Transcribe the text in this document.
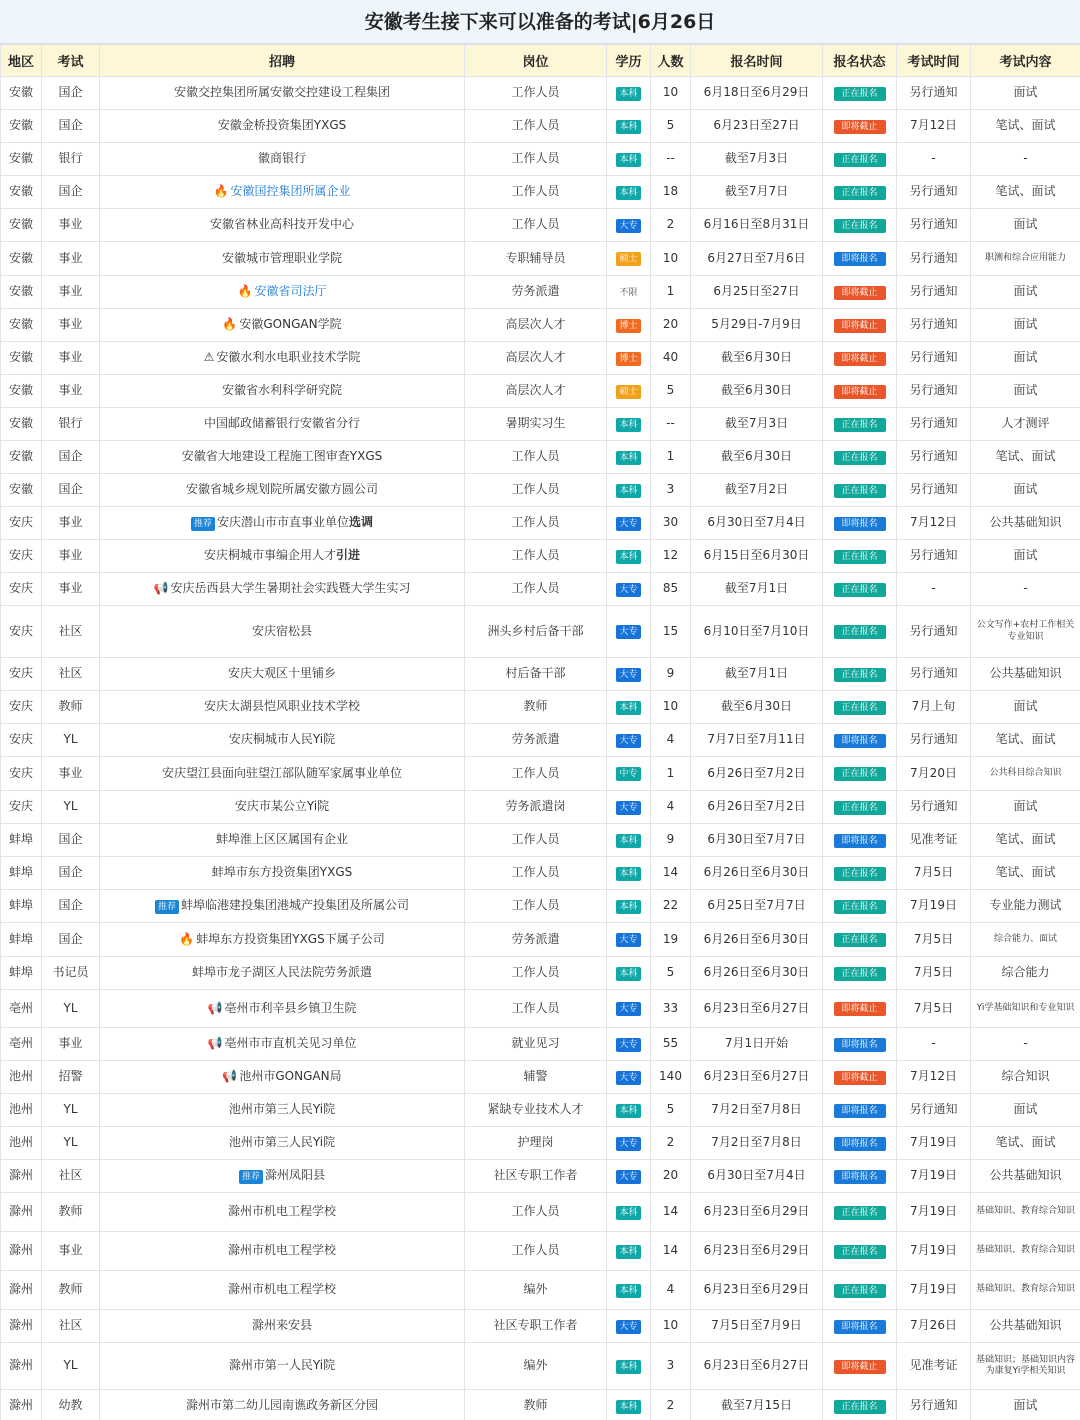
安徽考生接下来可以准备的考试|6月26日
地区	考试	招聘	岗位	学历	人数	报名时间	报名状态	考试时间	考试内容
安徽	国企	安徽交控集团所属安徽交控建设工程集团	工作人员	本科	10	6月18日至6月29日	正在报名	另行通知	面试
安徽	国企	安徽金桥投资集团YXGS	工作人员	本科	5	6月23日至27日	即将截止	7月12日	笔试、面试
安徽	银行	徽商银行	工作人员	本科	--	截至7月3日	正在报名	-	-
安徽	国企	🔥 安徽国控集团所属企业	工作人员	本科	18	截至7月7日	正在报名	另行通知	笔试、面试
安徽	事业	安徽省林业高科技开发中心	工作人员	大专	2	6月16日至8月31日	正在报名	另行通知	面试
安徽	事业	安徽城市管理职业学院	专职辅导员	硕士	10	6月27日至7月6日	即将报名	另行通知	职测和综合应用能力
安徽	事业	🔥 安徽省司法厅	劳务派遣	不限	1	6月25日至27日	即将截止	另行通知	面试
安徽	事业	🔥 安徽GONGAN学院	高层次人才	博士	20	5月29日-7月9日	即将截止	另行通知	面试
安徽	事业	⚠ 安徽水利水电职业技术学院	高层次人才	博士	40	截至6月30日	即将截止	另行通知	面试
安徽	事业	安徽省水利科学研究院	高层次人才	硕士	5	截至6月30日	即将截止	另行通知	面试
安徽	银行	中国邮政储蓄银行安徽省分行	暑期实习生	本科	--	截至7月3日	正在报名	另行通知	人才测评
安徽	国企	安徽省大地建设工程施工图审查YXGS	工作人员	本科	1	截至6月30日	正在报名	另行通知	笔试、面试
安徽	国企	安徽省城乡规划院所属安徽方圆公司	工作人员	本科	3	截至7月2日	正在报名	另行通知	面试
安庆	事业	推荐 安庆潜山市市直事业单位选调	工作人员	大专	30	6月30日至7月4日	即将报名	7月12日	公共基础知识
安庆	事业	安庆桐城市事编企用人才引进	工作人员	本科	12	6月15日至6月30日	正在报名	另行通知	面试
安庆	事业	📢 安庆岳西县大学生暑期社会实践暨大学生实习	工作人员	大专	85	截至7月1日	正在报名	-	-
安庆	社区	安庆宿松县	洲头乡村后备干部	大专	15	6月10日至7月10日	正在报名	另行通知	公文写作+农村工作相关专业知识
安庆	社区	安庆大观区十里铺乡	村后备干部	大专	9	截至7月1日	正在报名	另行通知	公共基础知识
安庆	教师	安庆太湖县恺风职业技术学校	教师	本科	10	截至6月30日	正在报名	7月上旬	面试
安庆	YL	安庆桐城市人民Yi院	劳务派遣	大专	4	7月7日至7月11日	即将报名	另行通知	笔试、面试
安庆	事业	安庆望江县面向驻望江部队随军家属事业单位	工作人员	中专	1	6月26日至7月2日	正在报名	7月20日	公共科目综合知识
安庆	YL	安庆市某公立Yi院	劳务派遣岗	大专	4	6月26日至7月2日	正在报名	另行通知	面试
蚌埠	国企	蚌埠淮上区区属国有企业	工作人员	本科	9	6月30日至7月7日	即将报名	见准考证	笔试、面试
蚌埠	国企	蚌埠市东方投资集团YXGS	工作人员	本科	14	6月26日至6月30日	正在报名	7月5日	笔试、面试
蚌埠	国企	推荐 蚌埠临港建投集团港城产投集团及所属公司	工作人员	本科	22	6月25日至7月7日	正在报名	7月19日	专业能力测试
蚌埠	国企	🔥 蚌埠东方投资集团YXGS下属子公司	劳务派遣	大专	19	6月26日至6月30日	正在报名	7月5日	综合能力、面试
蚌埠	书记员	蚌埠市龙子湖区人民法院劳务派遣	工作人员	本科	5	6月26日至6月30日	正在报名	7月5日	综合能力
亳州	YL	📢 亳州市利辛县乡镇卫生院	工作人员	大专	33	6月23日至6月27日	即将截止	7月5日	Yi学基础知识和专业知识
亳州	事业	📢 亳州市市直机关见习单位	就业见习	大专	55	7月1日开始	即将报名	-	-
池州	招警	📢 池州市GONGAN局	辅警	大专	140	6月23日至6月27日	即将截止	7月12日	综合知识
池州	YL	池州市第三人民Yi院	紧缺专业技术人才	本科	5	7月2日至7月8日	即将报名	另行通知	面试
池州	YL	池州市第三人民Yi院	护理岗	大专	2	7月2日至7月8日	即将报名	7月19日	笔试、面试
滁州	社区	推荐 滁州凤阳县	社区专职工作者	大专	20	6月30日至7月4日	即将报名	7月19日	公共基础知识
滁州	教师	滁州市机电工程学校	工作人员	本科	14	6月23日至6月29日	正在报名	7月19日	基础知识、教育综合知识
滁州	事业	滁州市机电工程学校	工作人员	本科	14	6月23日至6月29日	正在报名	7月19日	基础知识、教育综合知识
滁州	教师	滁州市机电工程学校	编外	本科	4	6月23日至6月29日	正在报名	7月19日	基础知识、教育综合知识
滁州	社区	滁州来安县	社区专职工作者	大专	10	7月5日至7月9日	即将报名	7月26日	公共基础知识
滁州	YL	滁州市第一人民Yi院	编外	本科	3	6月23日至6月27日	即将截止	见准考证	基础知识；基础知识内容为康复Yi学相关知识
滁州	幼教	滁州市第二幼儿园南谯政务新区分园	教师	本科	2	截至7月15日	正在报名	另行通知	面试
